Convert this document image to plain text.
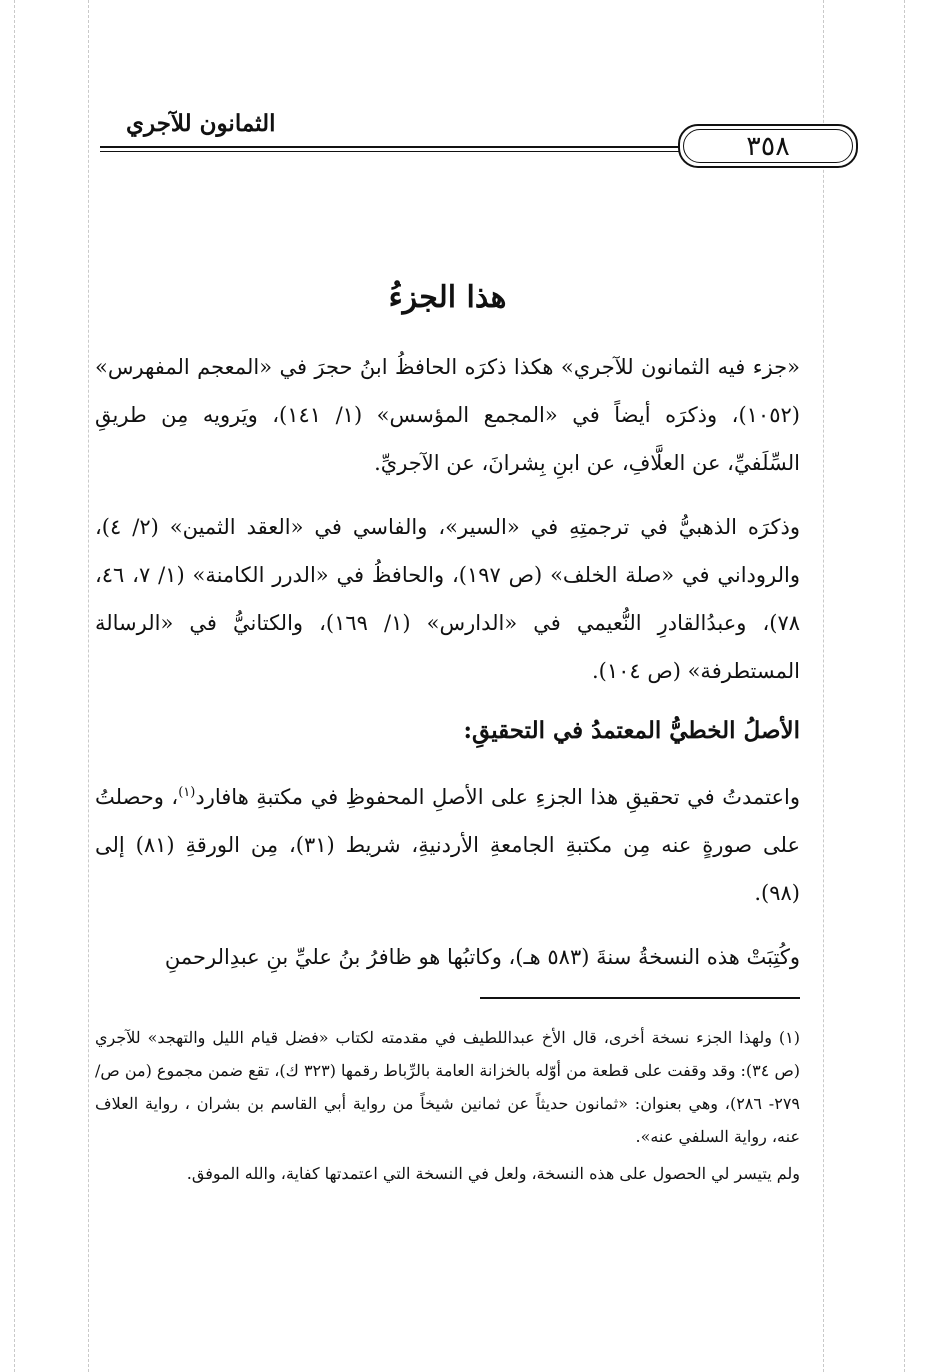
الثمانون للآجري
٣٥٨
هذا الجزءُ

«جزء فيه الثمانون للآجري» هكذا ذكرَه الحافظُ ابنُ حجرَ في «المعجم المفهرس» (١٠٥٢)، وذكرَه أيضاً في «المجمع المؤسس» (١/ ١٤١)، ويَرويه مِن طريقِ السِّلَفيِّ، عن العلَّافِ، عن ابنِ بِشرانَ، عن الآجريِّ.

وذكرَه الذهبيُّ في ترجمتِهِ في «السير»، والفاسي في «العقد الثمين» (٢/ ٤)، والروداني في «صلة الخلف» (ص ١٩٧)، والحافظُ في «الدرر الكامنة» (١/ ٧، ٤٦، ٧٨)، وعبدُالقادرِ النُّعيمي في «الدارس» (١/ ١٦٩)، والكتانيُّ في «الرسالة المستطرفة» (ص ١٠٤).

الأصلُ الخطيُّ المعتمدُ في التحقيقِ:

واعتمدتُ في تحقيقِ هذا الجزءِ على الأصلِ المحفوظِ في مكتبةِ هافارد$^{(١)}$، وحصلتُ على صورةٍ عنه مِن مكتبةِ الجامعةِ الأردنيةِ، شريط (٣١)، مِن الورقةِ (٨١) إلى (٩٨).

وكُتِبَتْ هذه النسخةُ سنةَ (٥٨٣ هـ)، وكاتبُها هو ظافرُ بنُ عليِّ بنِ عبدِالرحمنِ

(١) ولهذا الجزء نسخة أخرى، قال الأخ عبداللطيف في مقدمته لكتاب «فضل قيام الليل والتهجد» للآجري (ص ٣٤): وقد وقفت على قطعة من أوّله بالخزانة العامة بالرِّباط رقمها (٣٢٣ ك)، تقع ضمن مجموع (من ص/ ٢٧٩- ٢٨٦)، وهي بعنوان: «ثمانون حديثاً عن ثمانين شيخاً من رواية أبي القاسم بن بشران ، رواية العلاف عنه، رواية السلفي عنه».

ولم يتيسر لي الحصول على هذه النسخة، ولعل في النسخة التي اعتمدتها كفاية، والله الموفق.
